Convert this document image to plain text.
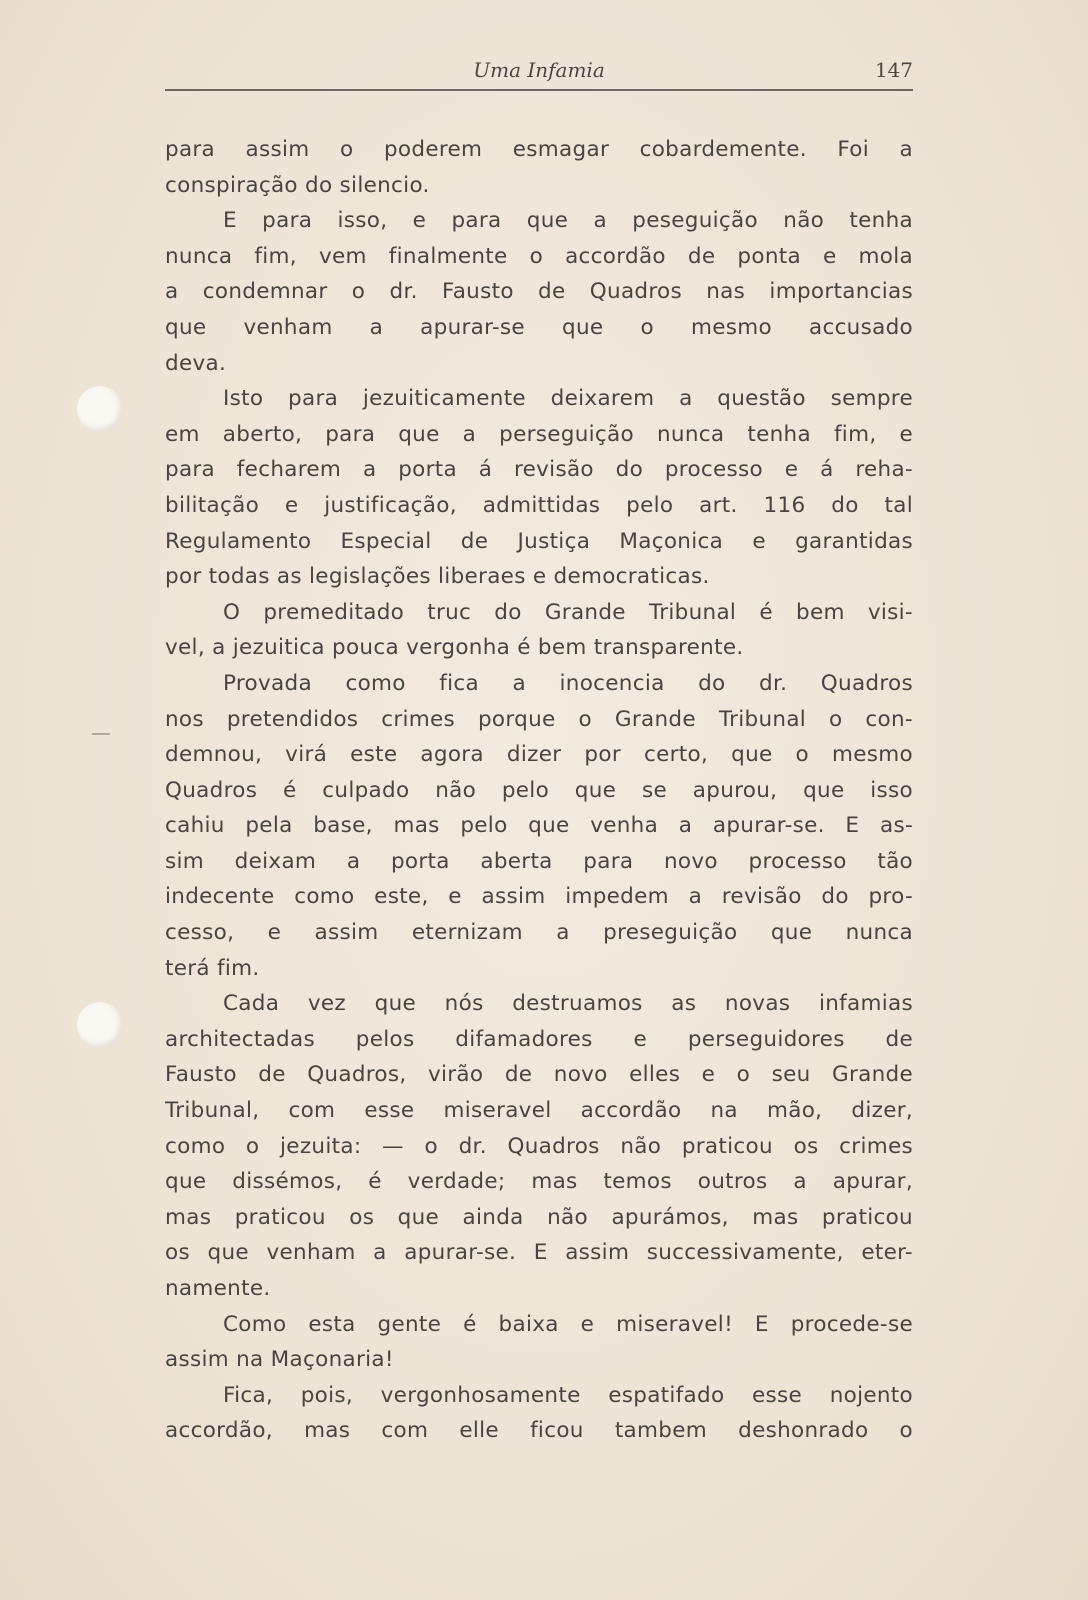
Uma Infamia	147
para assim o poderem esmagar cobardemente. Foi a
conspiração do silencio.
E para isso, e para que a peseguição não tenha
nunca fim, vem finalmente o accordão de ponta e mola
a condemnar o dr. Fausto de Quadros nas importancias
que venham a apurar-se que o mesmo accusado
deva.
Isto para jezuiticamente deixarem a questão sempre
em aberto, para que a perseguição nunca tenha fim, e
para fecharem a porta á revisão do processo e á reha-
bilitação e justificação, admittidas pelo art. 116 do tal
Regulamento Especial de Justiça Maçonica e garantidas
por todas as legislações liberaes e democraticas.
O premeditado truc do Grande Tribunal é bem visi-
vel, a jezuitica pouca vergonha é bem transparente.
Provada como fica a inocencia do dr. Quadros
nos pretendidos crimes porque o Grande Tribunal o con-
demnou, virá este agora dizer por certo, que o mesmo
Quadros é culpado não pelo que se apurou, que isso
cahiu pela base, mas pelo que venha a apurar-se. E as-
sim deixam a porta aberta para novo processo tão
indecente como este, e assim impedem a revisão do pro-
cesso, e assim eternizam a preseguição que nunca
terá fim.
Cada vez que nós destruamos as novas infamias
architectadas pelos difamadores e perseguidores de
Fausto de Quadros, virão de novo elles e o seu Grande
Tribunal, com esse miseravel accordão na mão, dizer,
como o jezuita: — o dr. Quadros não praticou os crimes
que dissémos, é verdade; mas temos outros a apurar,
mas praticou os que ainda não apurámos, mas praticou
os que venham a apurar-se. E assim successivamente, eter-
namente.
Como esta gente é baixa e miseravel! E procede-se
assim na Maçonaria!
Fica, pois, vergonhosamente espatifado esse nojento
accordão, mas com elle ficou tambem deshonrado o
